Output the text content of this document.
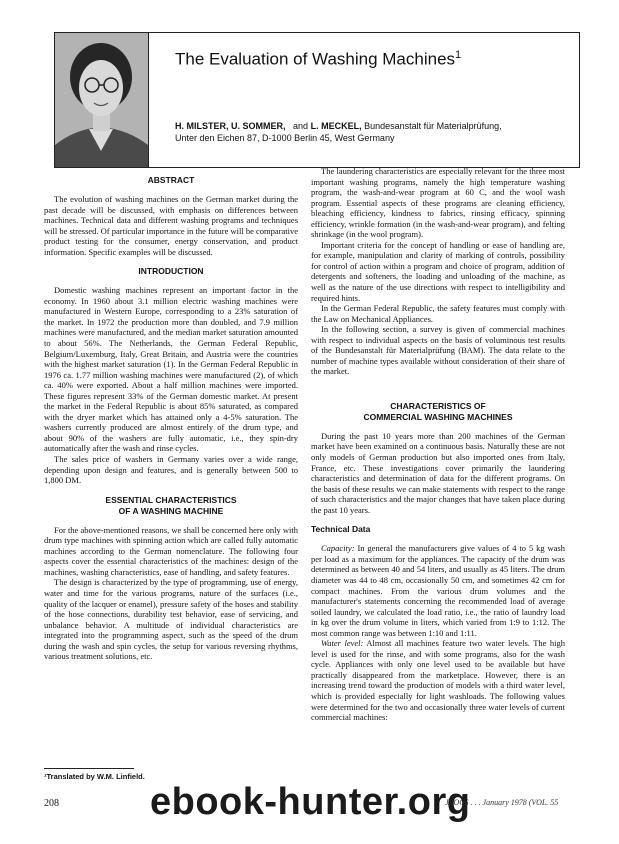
The Evaluation of Washing Machines$^1$
H. MILSTER, U. SOMMER, and L. MECKEL, Bundesanstalt für Materialprüfung,
Unter den Eichen 87, D-1000 Berlin 45, West Germany
ABSTRACT

The evolution of washing machines on the German market during the past decade will be discussed, with emphasis on differences between machines. Technical data and different washing programs and techniques will be stressed. Of particular importance in the future will be comparative product testing for the consumer, energy conservation, and product information. Specific examples will be discussed.

INTRODUCTION

Domestic washing machines represent an important factor in the economy. In 1960 about 3.1 million electric washing machines were manufactured in Western Europe, corresponding to a 23% saturation of the market. In 1972 the production more than doubled, and 7.9 million machines were manufactured, and the median market saturation amounted to about 56%. The Netherlands, the German Federal Republic, Belgium/Luxemburg, Italy, Great Britain, and Austria were the countries with the highest market saturation (1). In the German Federal Republic in 1976 ca. 1.77 million washing machines were manufactured (2), of which ca. 40% were exported. About a half million machines were imported. These figures represent 33% of the German domestic market. At present the market in the Federal Republic is about 85% saturated, as compared with the dryer market which has attained only a 4-5% saturation. The washers currently produced are almost entirely of the drum type, and about 90% of the washers are fully automatic, i.e., they spin-dry automatically after the wash and rinse cycles.

The sales price of washers in Germany varies over a wide range, depending upon design and features, and is generally between 500 to 1,800 DM.

ESSENTIAL CHARACTERISTICS
OF A WASHING MACHINE

For the above-mentioned reasons, we shall be concerned here only with drum type machines with spinning action which are called fully automatic machines according to the German nomenclature. The following four aspects cover the essential characteristics of the machines: design of the machines, washing characteristics, ease of handling, and safety features.

The design is characterized by the type of programming, use of energy, water and time for the various programs, nature of the surfaces (i.e., quality of the lacquer or enamel), pressure safety of the hoses and stability of the hose connections, durability test behavior, ease of servicing, and unbalance behavior. A multitude of individual characteristics are integrated into the programming aspect, such as the speed of the drum during the wash and spin cycles, the setup for various reversing rhythms, various treatment solutions, etc.

The laundering characteristics are especially relevant for the three most important washing programs, namely the high temperature washing program, the wash-and-wear program at 60 C, and the wool wash program. Essential aspects of these programs are cleaning efficiency, bleaching efficiency, kindness to fabrics, rinsing efficacy, spinning efficiency, wrinkle formation (in the wash-and-wear program), and felting shrinkage (in the wool program).

Important criteria for the concept of handling or ease of handling are, for example, manipulation and clarity of marking of controls, possibility for control of action within a program and choice of program, addition of detergents and softeners, the loading and unloading of the machine, as well as the nature of the use directions with respect to intelligibility and required hints.

In the German Federal Republic, the safety features must comply with the Law on Mechanical Appliances.

In the following section, a survey is given of commercial machines with respect to individual aspects on the basis of voluminous test results of the Bundesanstalt für Materialprüfung (BAM). The data relate to the number of machine types available without consideration of their share of the market.

CHARACTERISTICS OF
COMMERCIAL WASHING MACHINES

During the past 10 years more than 200 machines of the German market have been examined on a continuous basis. Naturally these are not only models of German production but also imported ones from Italy, France, etc. These investigations cover primarily the laundering characteristics and determination of data for the different programs. On the basis of these results we can make statements with respect to the range of such characteristics and the major changes that have taken place during the past 10 years.

Technical Data

Capacity: In general the manufacturers give values of 4 to 5 kg wash per load as a maximum for the appliances. The capacity of the drum was determined as between 40 and 54 liters, and usually as 45 liters. The drum diameter was 44 to 48 cm, occasionally 50 cm, and sometimes 42 cm for compact machines. From the various drum volumes and the manufacturer's statements concerning the recommended load of average soiled laundry, we calculated the load ratio, i.e., the ratio of laundry load in kg over the drum volume in liters, which varied from 1:9 to 1:12. The most common range was between 1:10 and 1:11.

Water level: Almost all machines feature two water levels. The high level is used for the rinse, and with some programs, also for the wash cycle. Appliances with only one level used to be available but have practically disappeared from the marketplace. However, there is an increasing trend toward the production of models with a third water level, which is provided especially for light washloads. The following values were determined for the two and occasionally three water levels of current commercial machines:

¹Translated by W.M. Linfield.
208	JAOCS . . . January 1978 (VOL. 55
ebook-hunter.org
